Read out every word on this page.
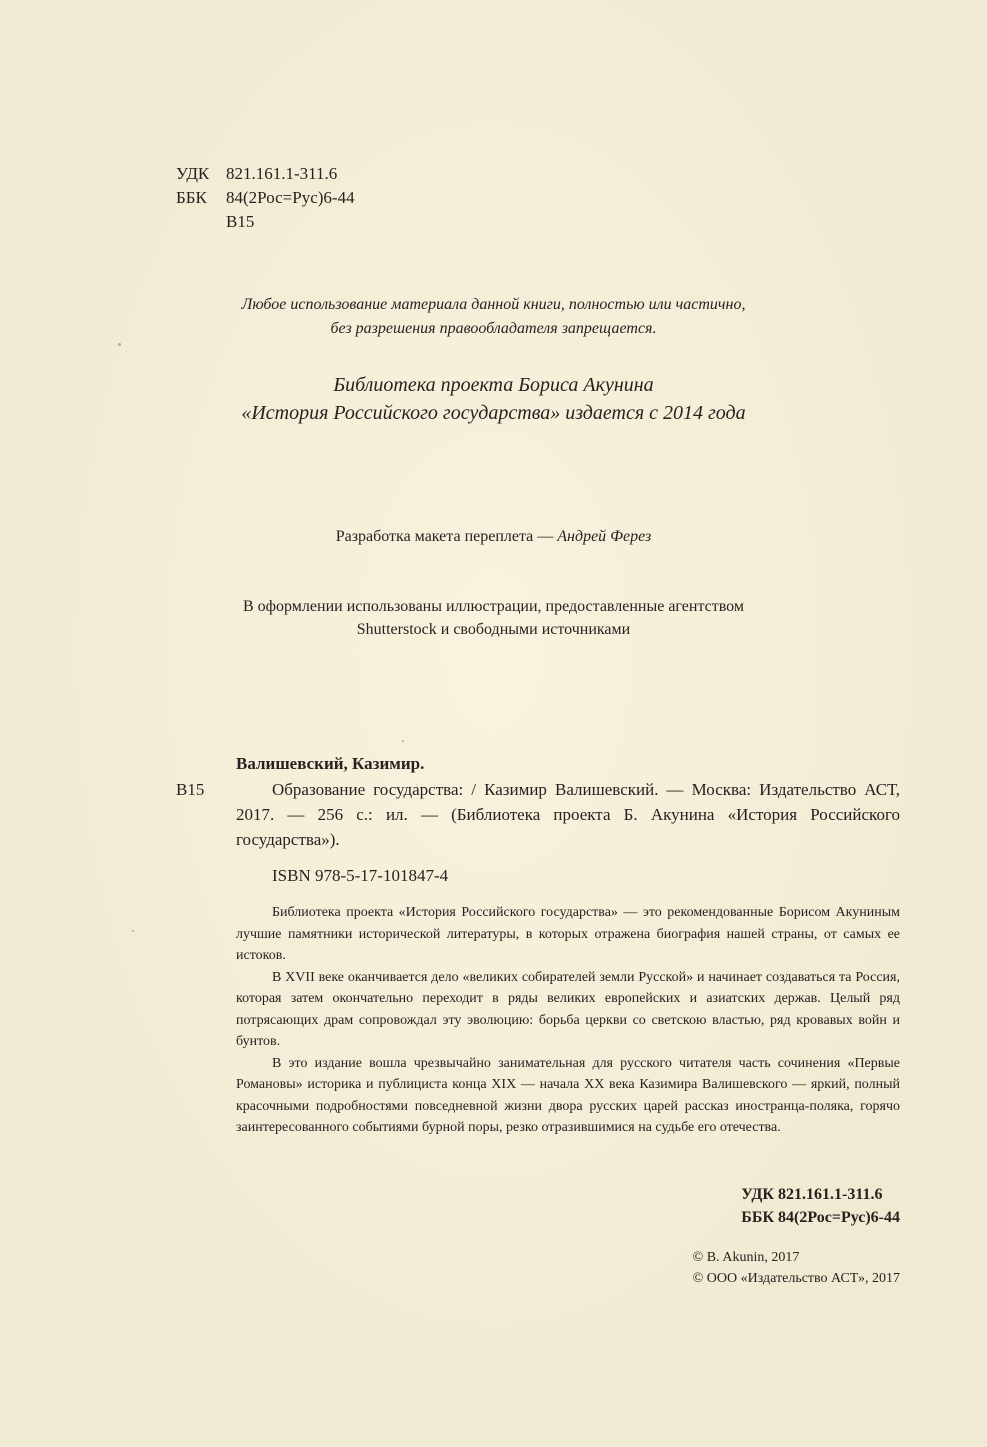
УДК 821.161.1-311.6
ББК 84(2Рос=Рус)6-44
В15
Любое использование материала данной книги, полностью или частично,
без разрешения правообладателя запрещается.
Библиотека проекта Бориса Акунина
«История Российского государства» издается с 2014 года
Разработка макета переплета — Андрей Ферез
В оформлении использованы иллюстрации, предоставленные агентством
Shutterstock и свободными источниками
Валишевский, Казимир.
В15	Образование государства: / Казимир Валишевский. — Москва: Издательство АСТ, 2017. — 256 с.: ил. — (Библиотека проекта Б. Акунина «История Российского государства»).
ISBN 978-5-17-101847-4

Библиотека проекта «История Российского государства» — это рекомендованные Борисом Акуниным лучшие памятники исторической литературы, в которых отражена биография нашей страны, от самых ее истоков.

В XVII веке оканчивается дело «великих собирателей земли Русской» и начинает создаваться та Россия, которая затем окончательно переходит в ряды великих европейских и азиатских держав. Целый ряд потрясающих драм сопровождал эту эволюцию: борьба церкви со светскою властью, ряд кровавых войн и бунтов.

В это издание вошла чрезвычайно занимательная для русского читателя часть сочинения «Первые Романовы» историка и публициста конца XIX — начала XX века Казимира Валишевского — яркий, полный красочными подробностями повседневной жизни двора русских царей рассказ иностранца-поляка, горячо заинтересованного событиями бурной поры, резко отразившимися на судьбе его отечества.

УДК 821.161.1-311.6
ББК 84(2Рос=Рус)6-44
© B. Akunin, 2017
© ООО «Издательство АСТ», 2017
